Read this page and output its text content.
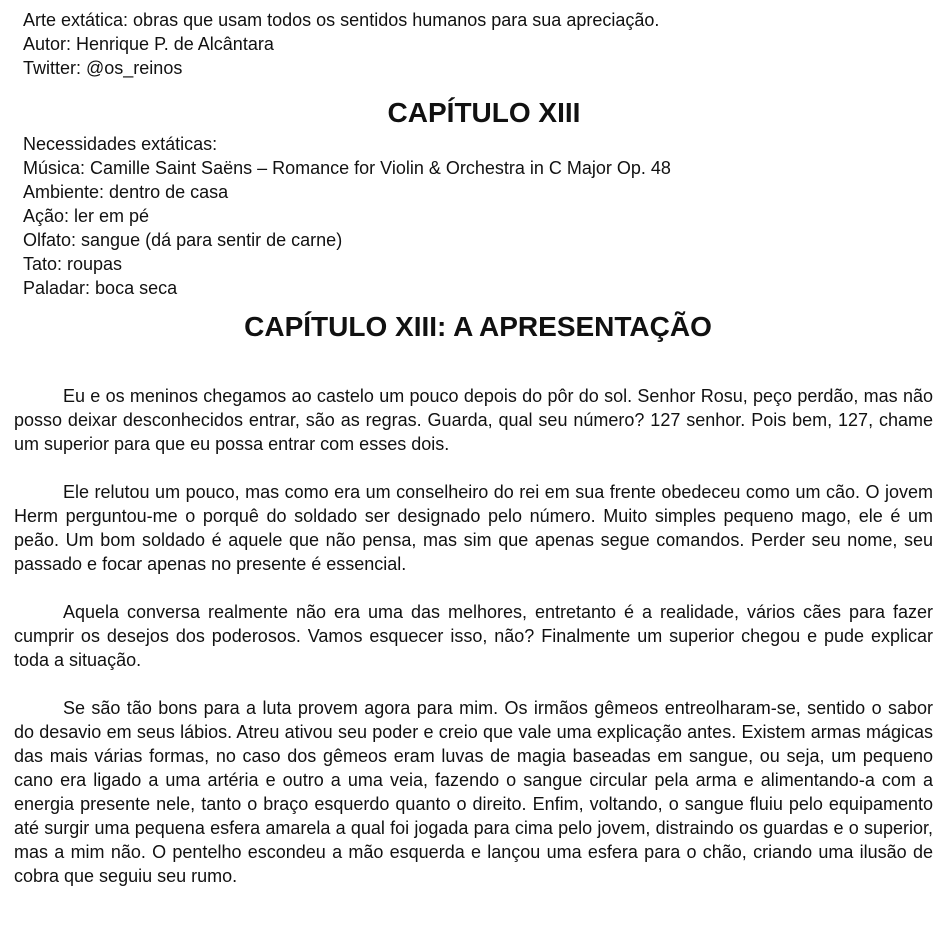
Arte extática: obras que usam todos os sentidos humanos para sua apreciação.
Autor: Henrique P. de Alcântara
Twitter: @os_reinos
CAPÍTULO XIII
Necessidades extáticas:
Música: Camille Saint Saëns – Romance for Violin & Orchestra in C Major Op. 48
Ambiente: dentro de casa
Ação: ler em pé
Olfato: sangue (dá para sentir de carne)
Tato: roupas
Paladar: boca seca
CAPÍTULO XIII: A APRESENTAÇÃO

Eu e os meninos chegamos ao castelo um pouco depois do pôr do sol. Senhor Rosu, peço perdão, mas não posso deixar desconhecidos entrar, são as regras. Guarda, qual seu número? 127 senhor. Pois bem, 127, chame um superior para que eu possa entrar com esses dois.

Ele relutou um pouco, mas como era um conselheiro do rei em sua frente obedeceu como um cão. O jovem Herm perguntou-me o porquê do soldado ser designado pelo número. Muito simples pequeno mago, ele é um peão. Um bom soldado é aquele que não pensa, mas sim que apenas segue comandos. Perder seu nome, seu passado e focar apenas no presente é essencial.

Aquela conversa realmente não era uma das melhores, entretanto é a realidade, vários cães para fazer cumprir os desejos dos poderosos. Vamos esquecer isso, não? Finalmente um superior chegou e pude explicar toda a situação.

Se são tão bons para a luta provem agora para mim. Os irmãos gêmeos entreolharam-se, sentido o sabor do desavio em seus lábios. Atreu ativou seu poder e creio que vale uma explicação antes. Existem armas mágicas das mais várias formas, no caso dos gêmeos eram luvas de magia baseadas em sangue, ou seja, um pequeno cano era ligado a uma artéria e outro a uma veia, fazendo o sangue circular pela arma e alimentando-a com a energia presente nele, tanto o braço esquerdo quanto o direito. Enfim, voltando, o sangue fluiu pelo equipamento até surgir uma pequena esfera amarela a qual foi jogada para cima pelo jovem, distraindo os guardas e o superior, mas a mim não. O pentelho escondeu a mão esquerda e lançou uma esfera para o chão, criando uma ilusão de cobra que seguiu seu rumo.
